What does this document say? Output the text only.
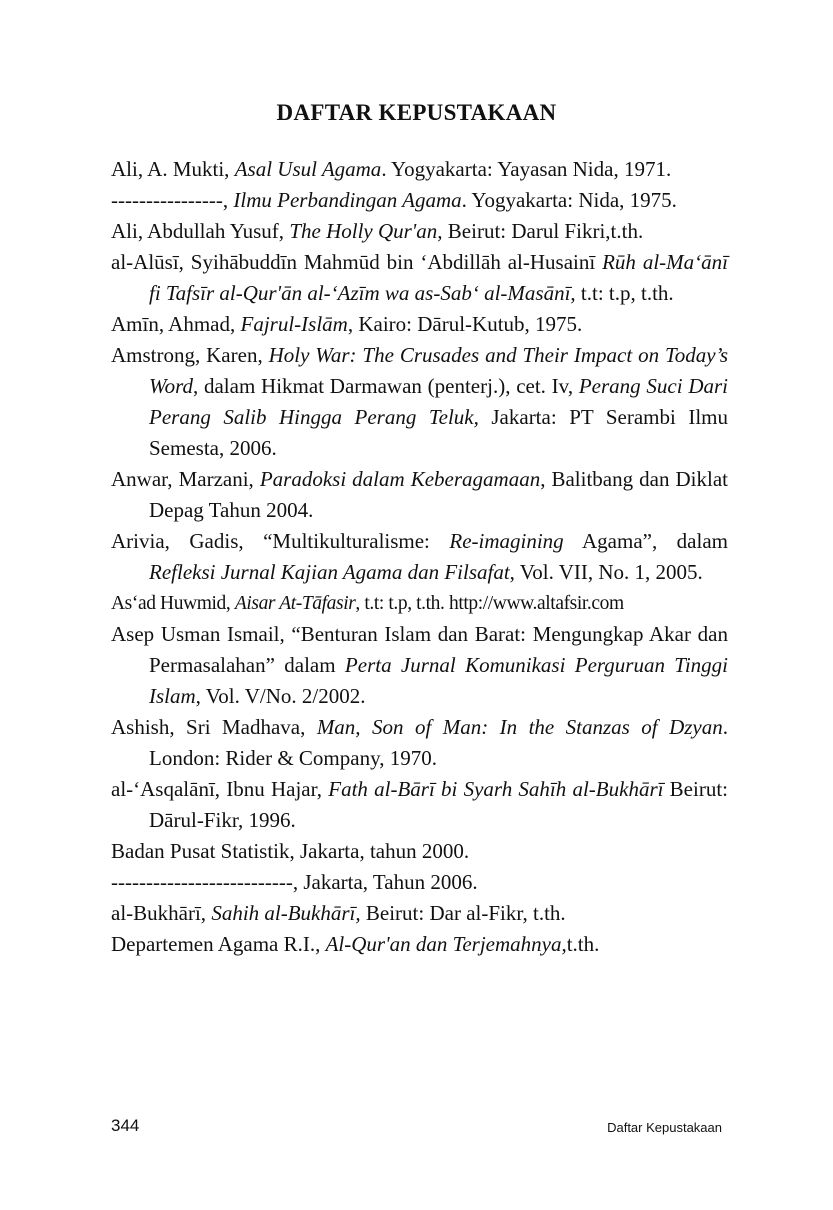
DAFTAR KEPUSTAKAAN
Ali, A. Mukti, Asal Usul Agama. Yogyakarta: Yayasan Nida, 1971.
----------------, Ilmu Perbandingan Agama. Yogyakarta: Nida, 1975.
Ali, Abdullah Yusuf, The Holly Qur'an, Beirut: Darul Fikri,t.th.
al-Alūsī, Syihābuddīn Mahmūd bin ‘Abdillāh al-Husainī Rūh al-Ma‘ānī fi Tafsīr al-Qur'ān al-‘Azīm wa as-Sab‘ al-Masānī, t.t: t.p, t.th.
Amīn, Ahmad, Fajrul-Islām, Kairo: Dārul-Kutub, 1975.
Amstrong, Karen, Holy War: The Crusades and Their Impact on Today’s Word, dalam Hikmat Darmawan (penterj.), cet. Iv, Perang Suci Dari Perang Salib Hingga Perang Teluk, Jakarta: PT Serambi Ilmu Semesta, 2006.
Anwar, Marzani, Paradoksi dalam Keberagamaan, Balitbang dan Diklat Depag Tahun 2004.
Arivia, Gadis, “Multikulturalisme: Re-imagining Agama”, dalam Refleksi Jurnal Kajian Agama dan Filsafat, Vol. VII, No. 1, 2005.
As‘ad Huwmid, Aisar At-Tāfasir, t.t: t.p, t.th. http://www.altafsir.com
Asep Usman Ismail, “Benturan Islam dan Barat: Mengungkap Akar dan Permasalahan” dalam Perta Jurnal Komunikasi Perguruan Tinggi Islam, Vol. V/No. 2/2002.
Ashish, Sri Madhava, Man, Son of Man: In the Stanzas of Dzyan. London: Rider & Company, 1970.
al-‘Asqalānī, Ibnu Hajar, Fath al-Bārī bi Syarh Sahīh al-Bukhārī Beirut: Dārul-Fikr, 1996.
Badan Pusat Statistik, Jakarta, tahun 2000.
--------------------------, Jakarta, Tahun 2006.
al-Bukhārī, Sahih al-Bukhārī, Beirut: Dar al-Fikr, t.th.
Departemen Agama R.I., Al-Qur'an dan Terjemahnya,t.th.
344	Daftar Kepustakaan
